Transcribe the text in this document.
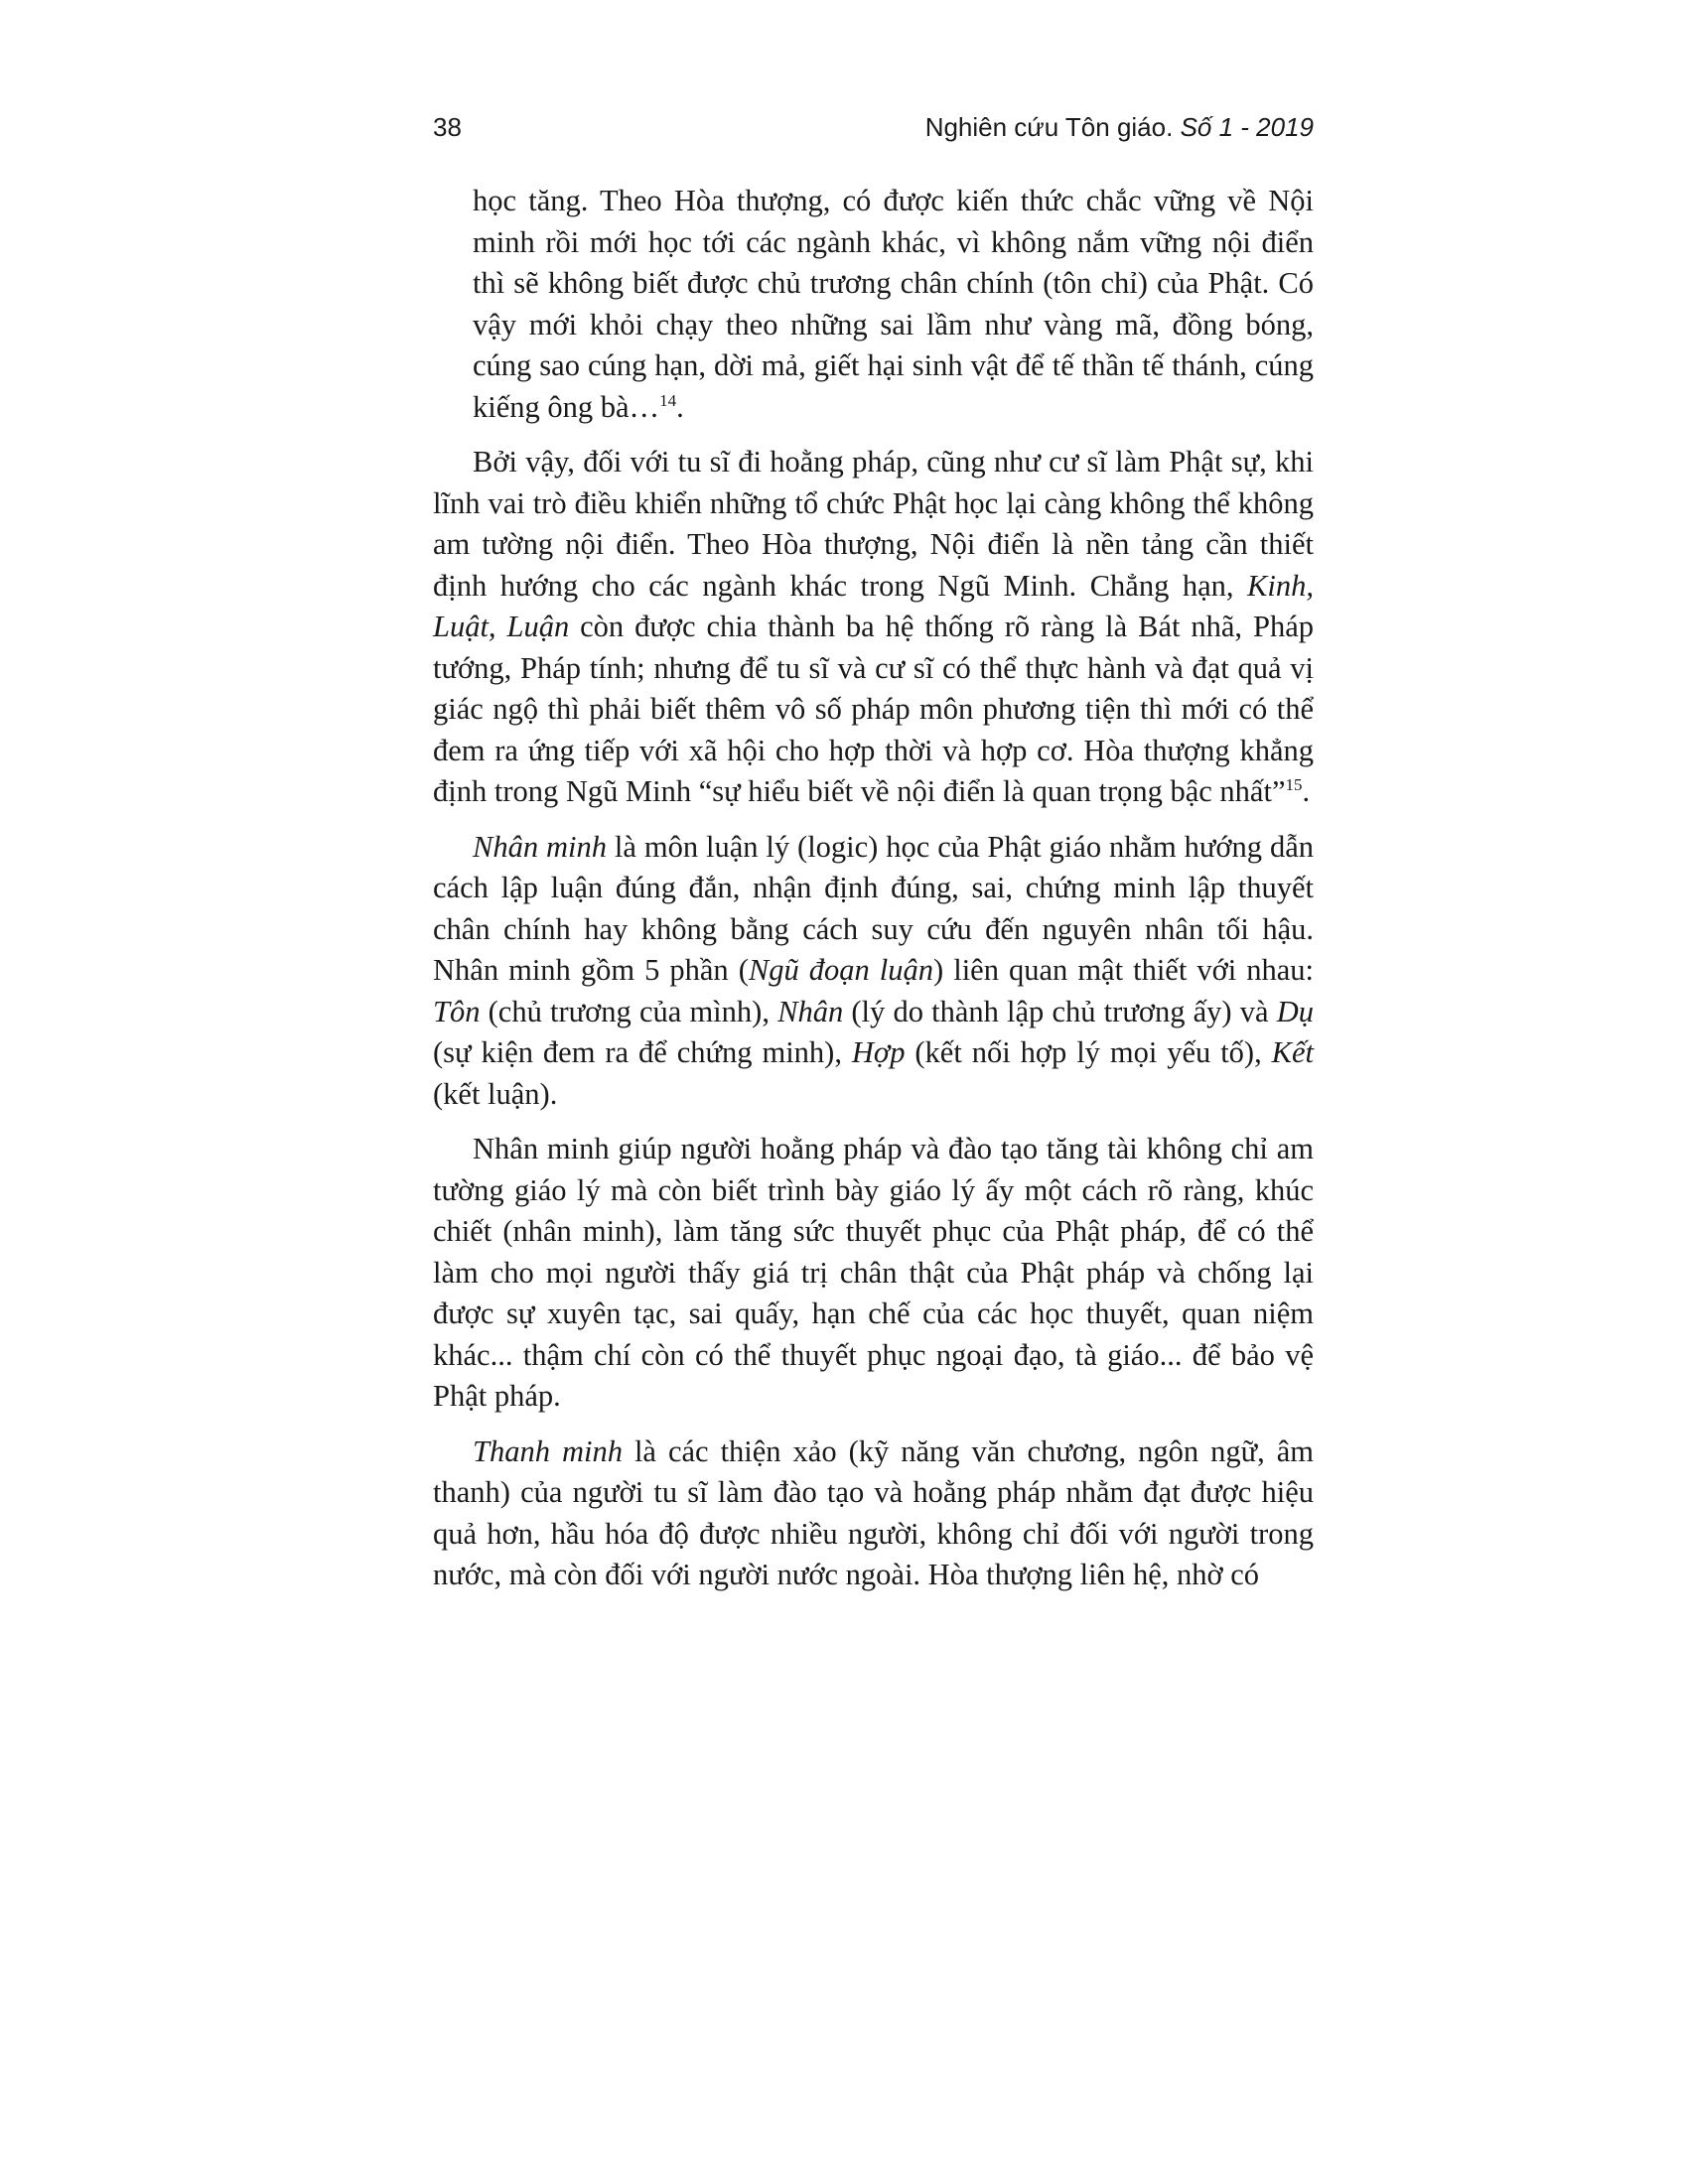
38	Nghiên cứu Tôn giáo. Số 1 - 2019

học tăng. Theo Hòa thượng, có được kiến thức chắc vững về Nội minh rồi mới học tới các ngành khác, vì không nắm vững nội điển thì sẽ không biết được chủ trương chân chính (tôn chỉ) của Phật. Có vậy mới khỏi chạy theo những sai lầm như vàng mã, đồng bóng, cúng sao cúng hạn, dời mả, giết hại sinh vật để tế thần tế thánh, cúng kiếng ông bà…$^{14}$.

Bởi vậy, đối với tu sĩ đi hoằng pháp, cũng như cư sĩ làm Phật sự, khi lĩnh vai trò điều khiển những tổ chức Phật học lại càng không thể không am tường nội điển. Theo Hòa thượng, Nội điển là nền tảng cần thiết định hướng cho các ngành khác trong Ngũ Minh. Chẳng hạn, Kinh, Luật, Luận còn được chia thành ba hệ thống rõ ràng là Bát nhã, Pháp tướng, Pháp tính; nhưng để tu sĩ và cư sĩ có thể thực hành và đạt quả vị giác ngộ thì phải biết thêm vô số pháp môn phương tiện thì mới có thể đem ra ứng tiếp với xã hội cho hợp thời và hợp cơ. Hòa thượng khẳng định trong Ngũ Minh “sự hiểu biết về nội điển là quan trọng bậc nhất”$^{15}$.

Nhân minh là môn luận lý (logic) học của Phật giáo nhằm hướng dẫn cách lập luận đúng đắn, nhận định đúng, sai, chứng minh lập thuyết chân chính hay không bằng cách suy cứu đến nguyên nhân tối hậu. Nhân minh gồm 5 phần (Ngũ đoạn luận) liên quan mật thiết với nhau: Tôn (chủ trương của mình), Nhân (lý do thành lập chủ trương ấy) và Dụ (sự kiện đem ra để chứng minh), Hợp (kết nối hợp lý mọi yếu tố), Kết (kết luận).

Nhân minh giúp người hoằng pháp và đào tạo tăng tài không chỉ am tường giáo lý mà còn biết trình bày giáo lý ấy một cách rõ ràng, khúc chiết (nhân minh), làm tăng sức thuyết phục của Phật pháp, để có thể làm cho mọi người thấy giá trị chân thật của Phật pháp và chống lại được sự xuyên tạc, sai quấy, hạn chế của các học thuyết, quan niệm khác... thậm chí còn có thể thuyết phục ngoại đạo, tà giáo... để bảo vệ Phật pháp.

Thanh minh là các thiện xảo (kỹ năng văn chương, ngôn ngữ, âm thanh) của người tu sĩ làm đào tạo và hoằng pháp nhằm đạt được hiệu quả hơn, hầu hóa độ được nhiều người, không chỉ đối với người trong nước, mà còn đối với người nước ngoài. Hòa thượng liên hệ, nhờ có
